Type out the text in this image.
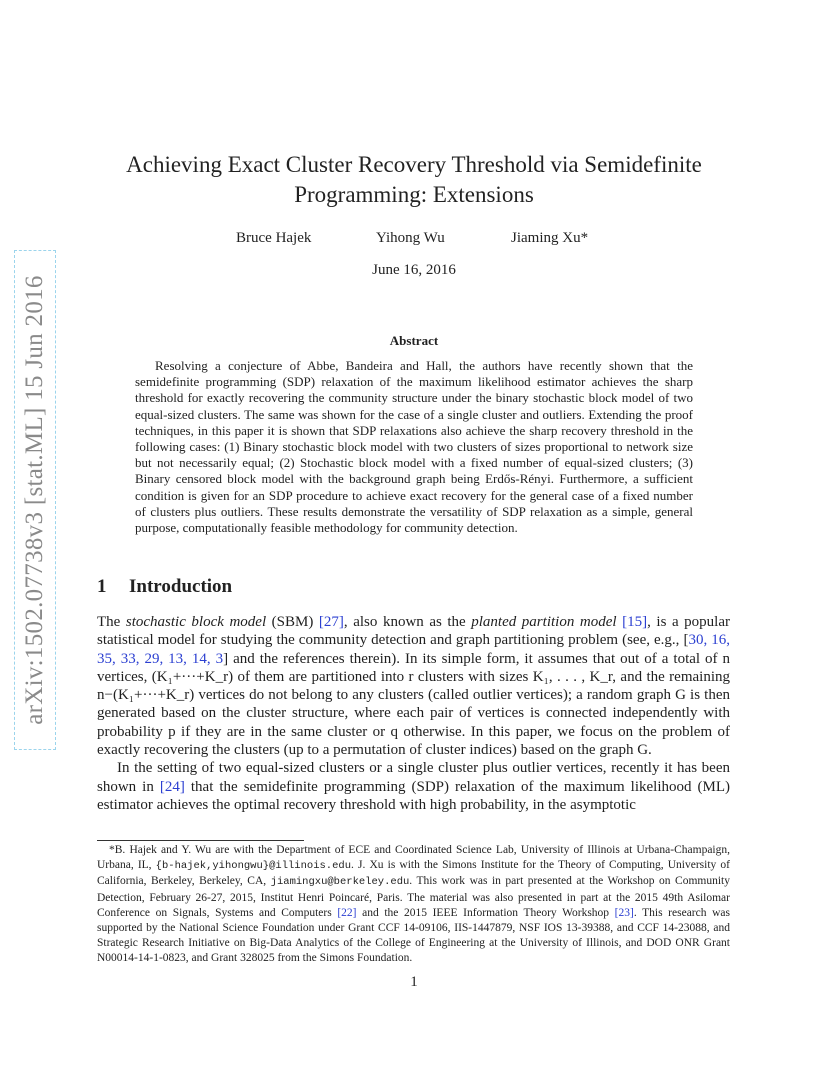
arXiv:1502.07738v3 [stat.ML] 15 Jun 2016
Achieving Exact Cluster Recovery Threshold via Semidefinite Programming: Extensions
Bruce Hajek	Yihong Wu	Jiaming Xu*
June 16, 2016
Abstract

Resolving a conjecture of Abbe, Bandeira and Hall, the authors have recently shown that the semidefinite programming (SDP) relaxation of the maximum likelihood estimator achieves the sharp threshold for exactly recovering the community structure under the binary stochastic block model of two equal-sized clusters. The same was shown for the case of a single cluster and outliers. Extending the proof techniques, in this paper it is shown that SDP relaxations also achieve the sharp recovery threshold in the following cases: (1) Binary stochastic block model with two clusters of sizes proportional to network size but not necessarily equal; (2) Stochastic block model with a fixed number of equal-sized clusters; (3) Binary censored block model with the background graph being Erdős-Rényi. Furthermore, a sufficient condition is given for an SDP procedure to achieve exact recovery for the general case of a fixed number of clusters plus outliers. These results demonstrate the versatility of SDP relaxation as a simple, general purpose, computationally feasible methodology for community detection.

1 Introduction

The stochastic block model (SBM) [27], also known as the planted partition model [15], is a popular statistical model for studying the community detection and graph partitioning problem (see, e.g., [30, 16, 35, 33, 29, 13, 14, 3] and the references therein). In its simple form, it assumes that out of a total of n vertices, (K₁+···+K_r) of them are partitioned into r clusters with sizes K₁, . . . , K_r, and the remaining n−(K₁+···+K_r) vertices do not belong to any clusters (called outlier vertices); a random graph G is then generated based on the cluster structure, where each pair of vertices is connected independently with probability p if they are in the same cluster or q otherwise. In this paper, we focus on the problem of exactly recovering the clusters (up to a permutation of cluster indices) based on the graph G.

In the setting of two equal-sized clusters or a single cluster plus outlier vertices, recently it has been shown in [24] that the semidefinite programming (SDP) relaxation of the maximum likelihood (ML) estimator achieves the optimal recovery threshold with high probability, in the asymptotic

*B. Hajek and Y. Wu are with the Department of ECE and Coordinated Science Lab, University of Illinois at Urbana-Champaign, Urbana, IL, {b-hajek,yihongwu}@illinois.edu. J. Xu is with the Simons Institute for the Theory of Computing, University of California, Berkeley, Berkeley, CA, jiamingxu@berkeley.edu. This work was in part presented at the Workshop on Community Detection, February 26-27, 2015, Institut Henri Poincaré, Paris. The material was also presented in part at the 2015 49th Asilomar Conference on Signals, Systems and Computers [22] and the 2015 IEEE Information Theory Workshop [23]. This research was supported by the National Science Foundation under Grant CCF 14-09106, IIS-1447879, NSF IOS 13-39388, and CCF 14-23088, and Strategic Research Initiative on Big-Data Analytics of the College of Engineering at the University of Illinois, and DOD ONR Grant N00014-14-1-0823, and Grant 328025 from the Simons Foundation.

1
